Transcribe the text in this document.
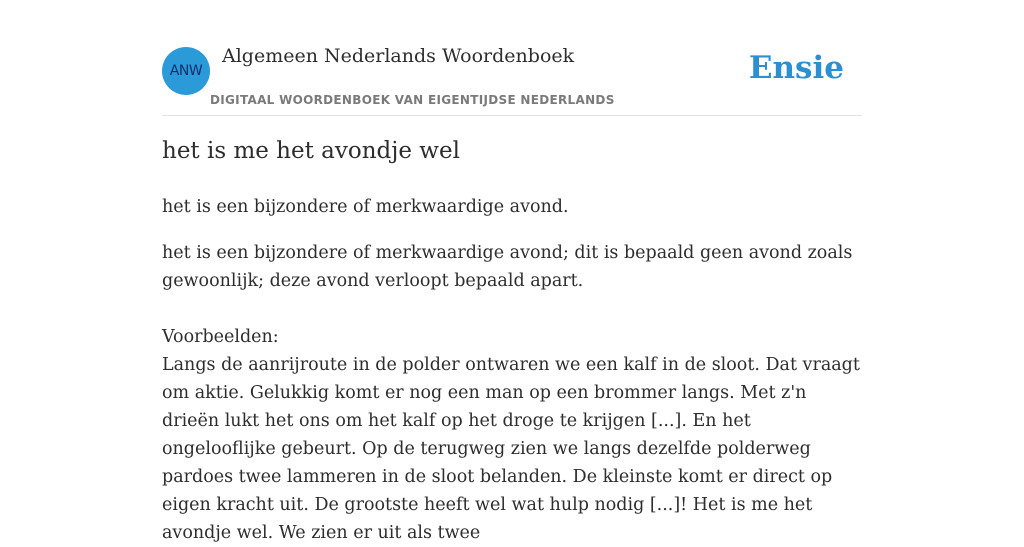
ANW
Algemeen Nederlands Woordenboek
DIGITAAL WOORDENBOEK VAN EIGENTIJDSE NEDERLANDS
Ensie
het is me het avondje wel

het is een bijzondere of merkwaardige avond.

het is een bijzondere of merkwaardige avond; dit is bepaald geen avond zoals gewoonlijk; deze avond verloopt bepaald apart.

Voorbeelden:
Langs de aanrijroute in de polder ontwaren we een kalf in de sloot. Dat vraagt om aktie. Gelukkig komt er nog een man op een brommer langs. Met z'n drieën lukt het ons om het kalf op het droge te krijgen [...]. En het ongelooflijke gebeurt. Op de terugweg zien we langs dezelfde polderweg pardoes twee lammeren in de sloot belanden. De kleinste komt er direct op eigen kracht uit. De grootste heeft wel wat hulp nodig [...]! Het is me het avondje wel. We zien er uit als twee
